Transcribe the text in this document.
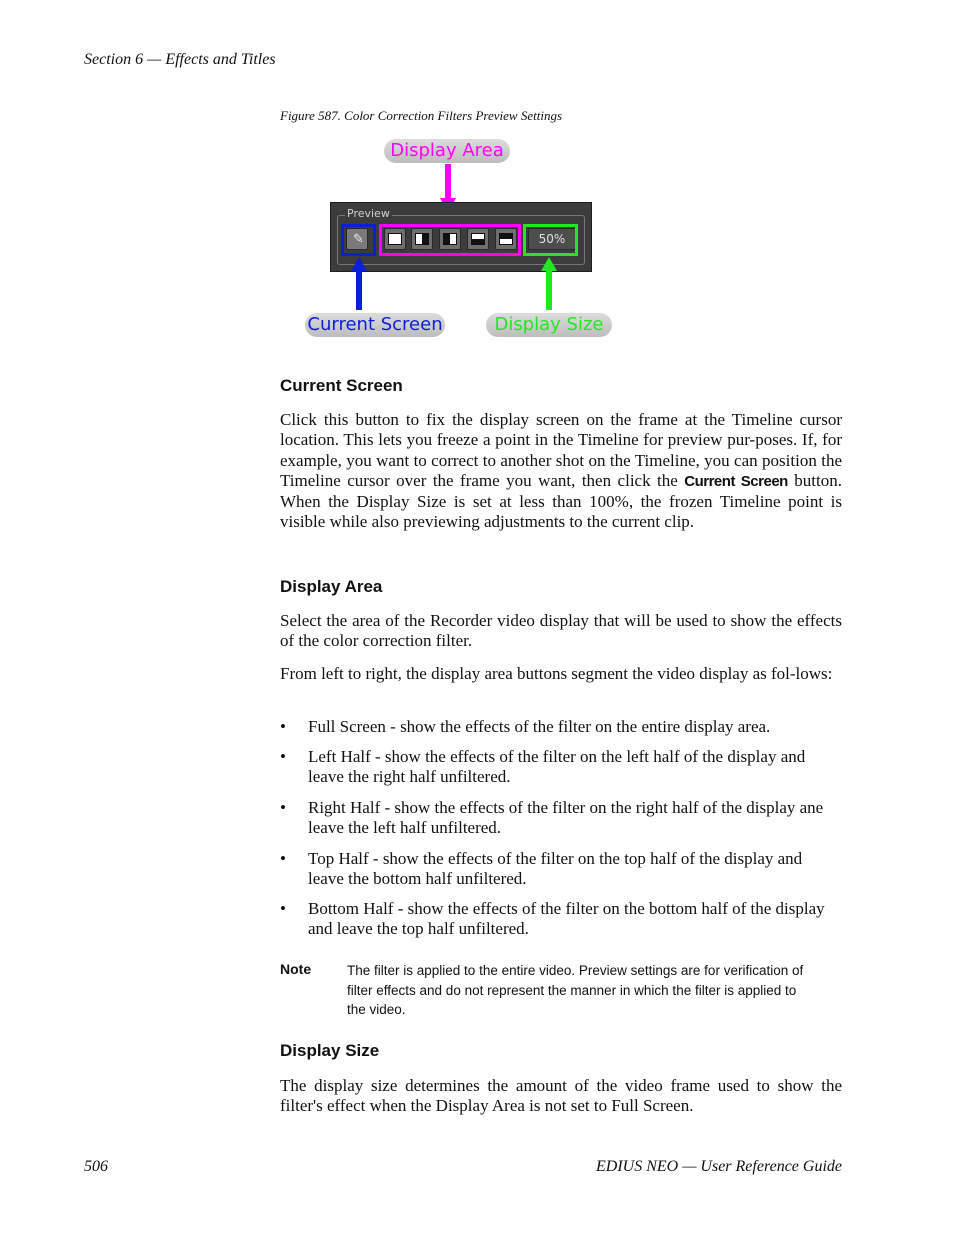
Section 6 — Effects and Titles
Figure 587. Color Correction Filters Preview Settings
Display Area
Preview
✎	50%
Current Screen	Display Size
Current Screen

Click this button to fix the display screen on the frame at the Timeline cursor location. This lets you freeze a point in the Timeline for preview pur-poses. If, for example, you want to correct to another shot on the Timeline, you can position the Timeline cursor over the frame you want, then click the Current Screen button. When the Display Size is set at less than 100%, the frozen Timeline point is visible while also previewing adjustments to the current clip.

Display Area

Select the area of the Recorder video display that will be used to show the effects of the color correction filter.

From left to right, the display area buttons segment the video display as fol-lows:

• Full Screen - show the effects of the filter on the entire display area.
• Left Half - show the effects of the filter on the left half of the display and leave the right half unfiltered.
• Right Half - show the effects of the filter on the right half of the display ane leave the left half unfiltered.
• Top Half - show the effects of the filter on the top half of the display and leave the bottom half unfiltered.
• Bottom Half - show the effects of the filter on the bottom half of the display and leave the top half unfiltered.
Note	The filter is applied to the entire video. Preview settings are for verification of filter effects and do not represent the manner in which the filter is applied to the video.
Display Size

The display size determines the amount of the video frame used to show the filter's effect when the Display Area is not set to Full Screen.

506	EDIUS NEO — User Reference Guide
